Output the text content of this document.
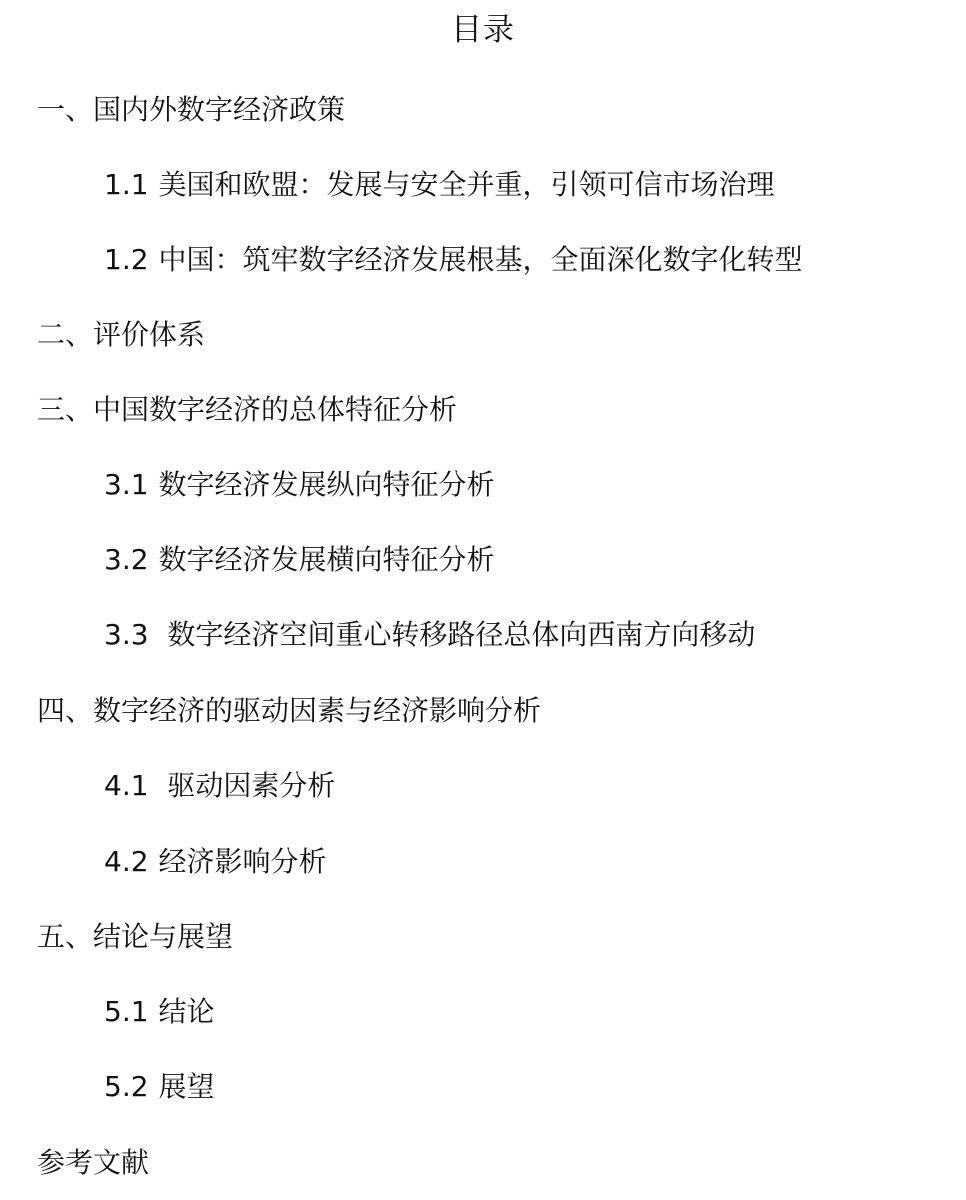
目录
一、国内外数字经济政策
1.1 美国和欧盟：发展与安全并重，引领可信市场治理
1.2 中国：筑牢数字经济发展根基，全面深化数字化转型
二、评价体系
三、中国数字经济的总体特征分析
3.1 数字经济发展纵向特征分析
3.2 数字经济发展横向特征分析
3.3 数字经济空间重心转移路径总体向西南方向移动
四、数字经济的驱动因素与经济影响分析
4.1 驱动因素分析
4.2 经济影响分析
五、结论与展望
5.1 结论
5.2 展望
参考文献
